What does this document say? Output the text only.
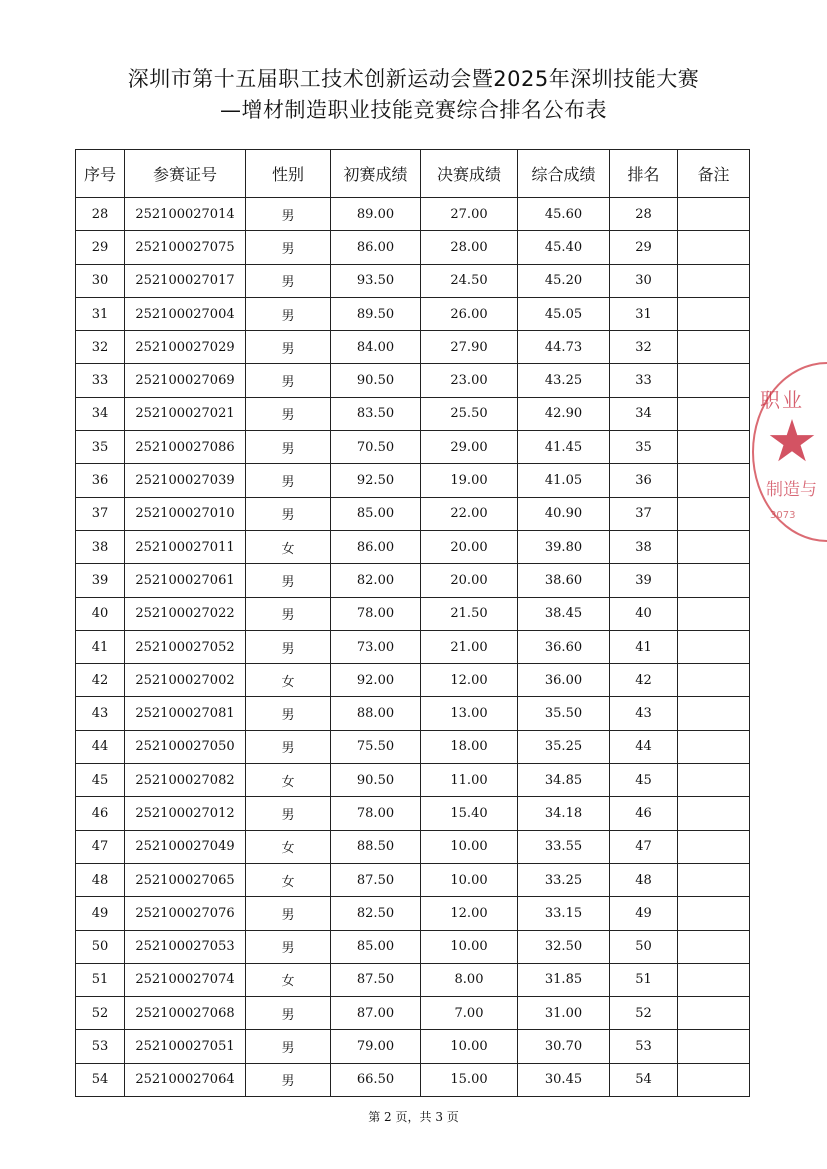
深圳市第十五届职工技术创新运动会暨2025年深圳技能大赛
—增材制造职业技能竞赛综合排名公布表
序号	参赛证号	性别	初赛成绩	决赛成绩	综合成绩	排名	备注
28	252100027014	男	89.00	27.00	45.60	28	
29	252100027075	男	86.00	28.00	45.40	29	
30	252100027017	男	93.50	24.50	45.20	30	
31	252100027004	男	89.50	26.00	45.05	31	
32	252100027029	男	84.00	27.90	44.73	32	
33	252100027069	男	90.50	23.00	43.25	33	
34	252100027021	男	83.50	25.50	42.90	34	
35	252100027086	男	70.50	29.00	41.45	35	
36	252100027039	男	92.50	19.00	41.05	36	
37	252100027010	男	85.00	22.00	40.90	37	
38	252100027011	女	86.00	20.00	39.80	38	
39	252100027061	男	82.00	20.00	38.60	39	
40	252100027022	男	78.00	21.50	38.45	40	
41	252100027052	男	73.00	21.00	36.60	41	
42	252100027002	女	92.00	12.00	36.00	42	
43	252100027081	男	88.00	13.00	35.50	43	
44	252100027050	男	75.50	18.00	35.25	44	
45	252100027082	女	90.50	11.00	34.85	45	
46	252100027012	男	78.00	15.40	34.18	46	
47	252100027049	女	88.50	10.00	33.55	47	
48	252100027065	女	87.50	10.00	33.25	48	
49	252100027076	男	82.50	12.00	33.15	49	
50	252100027053	男	85.00	10.00	32.50	50	
51	252100027074	女	87.50	8.00	31.85	51	
52	252100027068	男	87.00	7.00	31.00	52	
53	252100027051	男	79.00	10.00	30.70	53	
54	252100027064	男	66.50	15.00	30.45	54	
第 2 页，共 3 页
职业
★
制造与
3073
